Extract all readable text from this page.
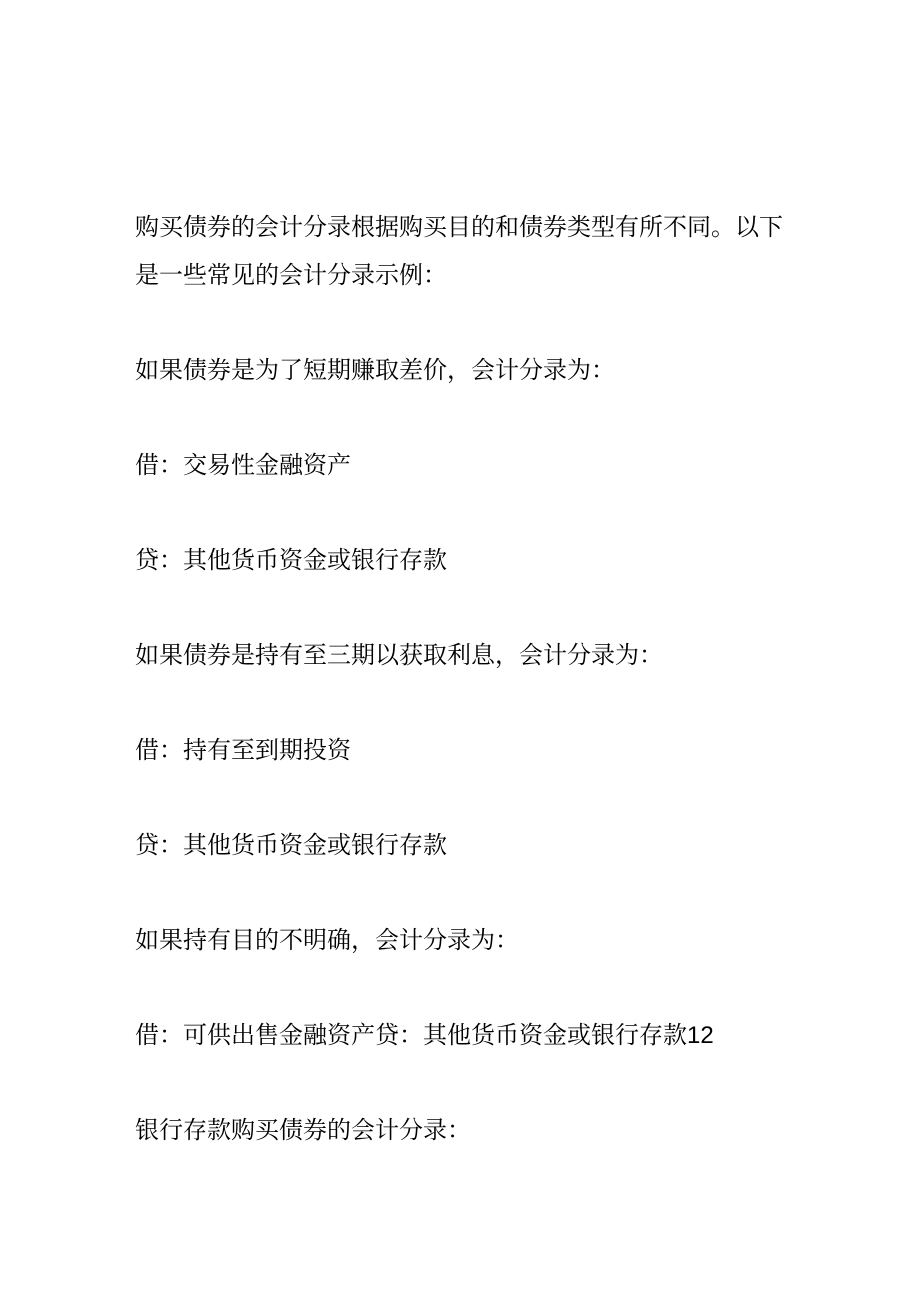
购买债券的会计分录根据购买目的和债券类型有所不同。以下是一些常见的会计分录示例：

如果债券是为了短期赚取差价，会计分录为：

借：交易性金融资产

贷：其他货币资金或银行存款

如果债券是持有至三期以获取利息，会计分录为：

借：持有至到期投资

贷：其他货币资金或银行存款

如果持有目的不明确，会计分录为：

借：可供出售金融资产贷：其他货币资金或银行存款12

银行存款购买债券的会计分录：
